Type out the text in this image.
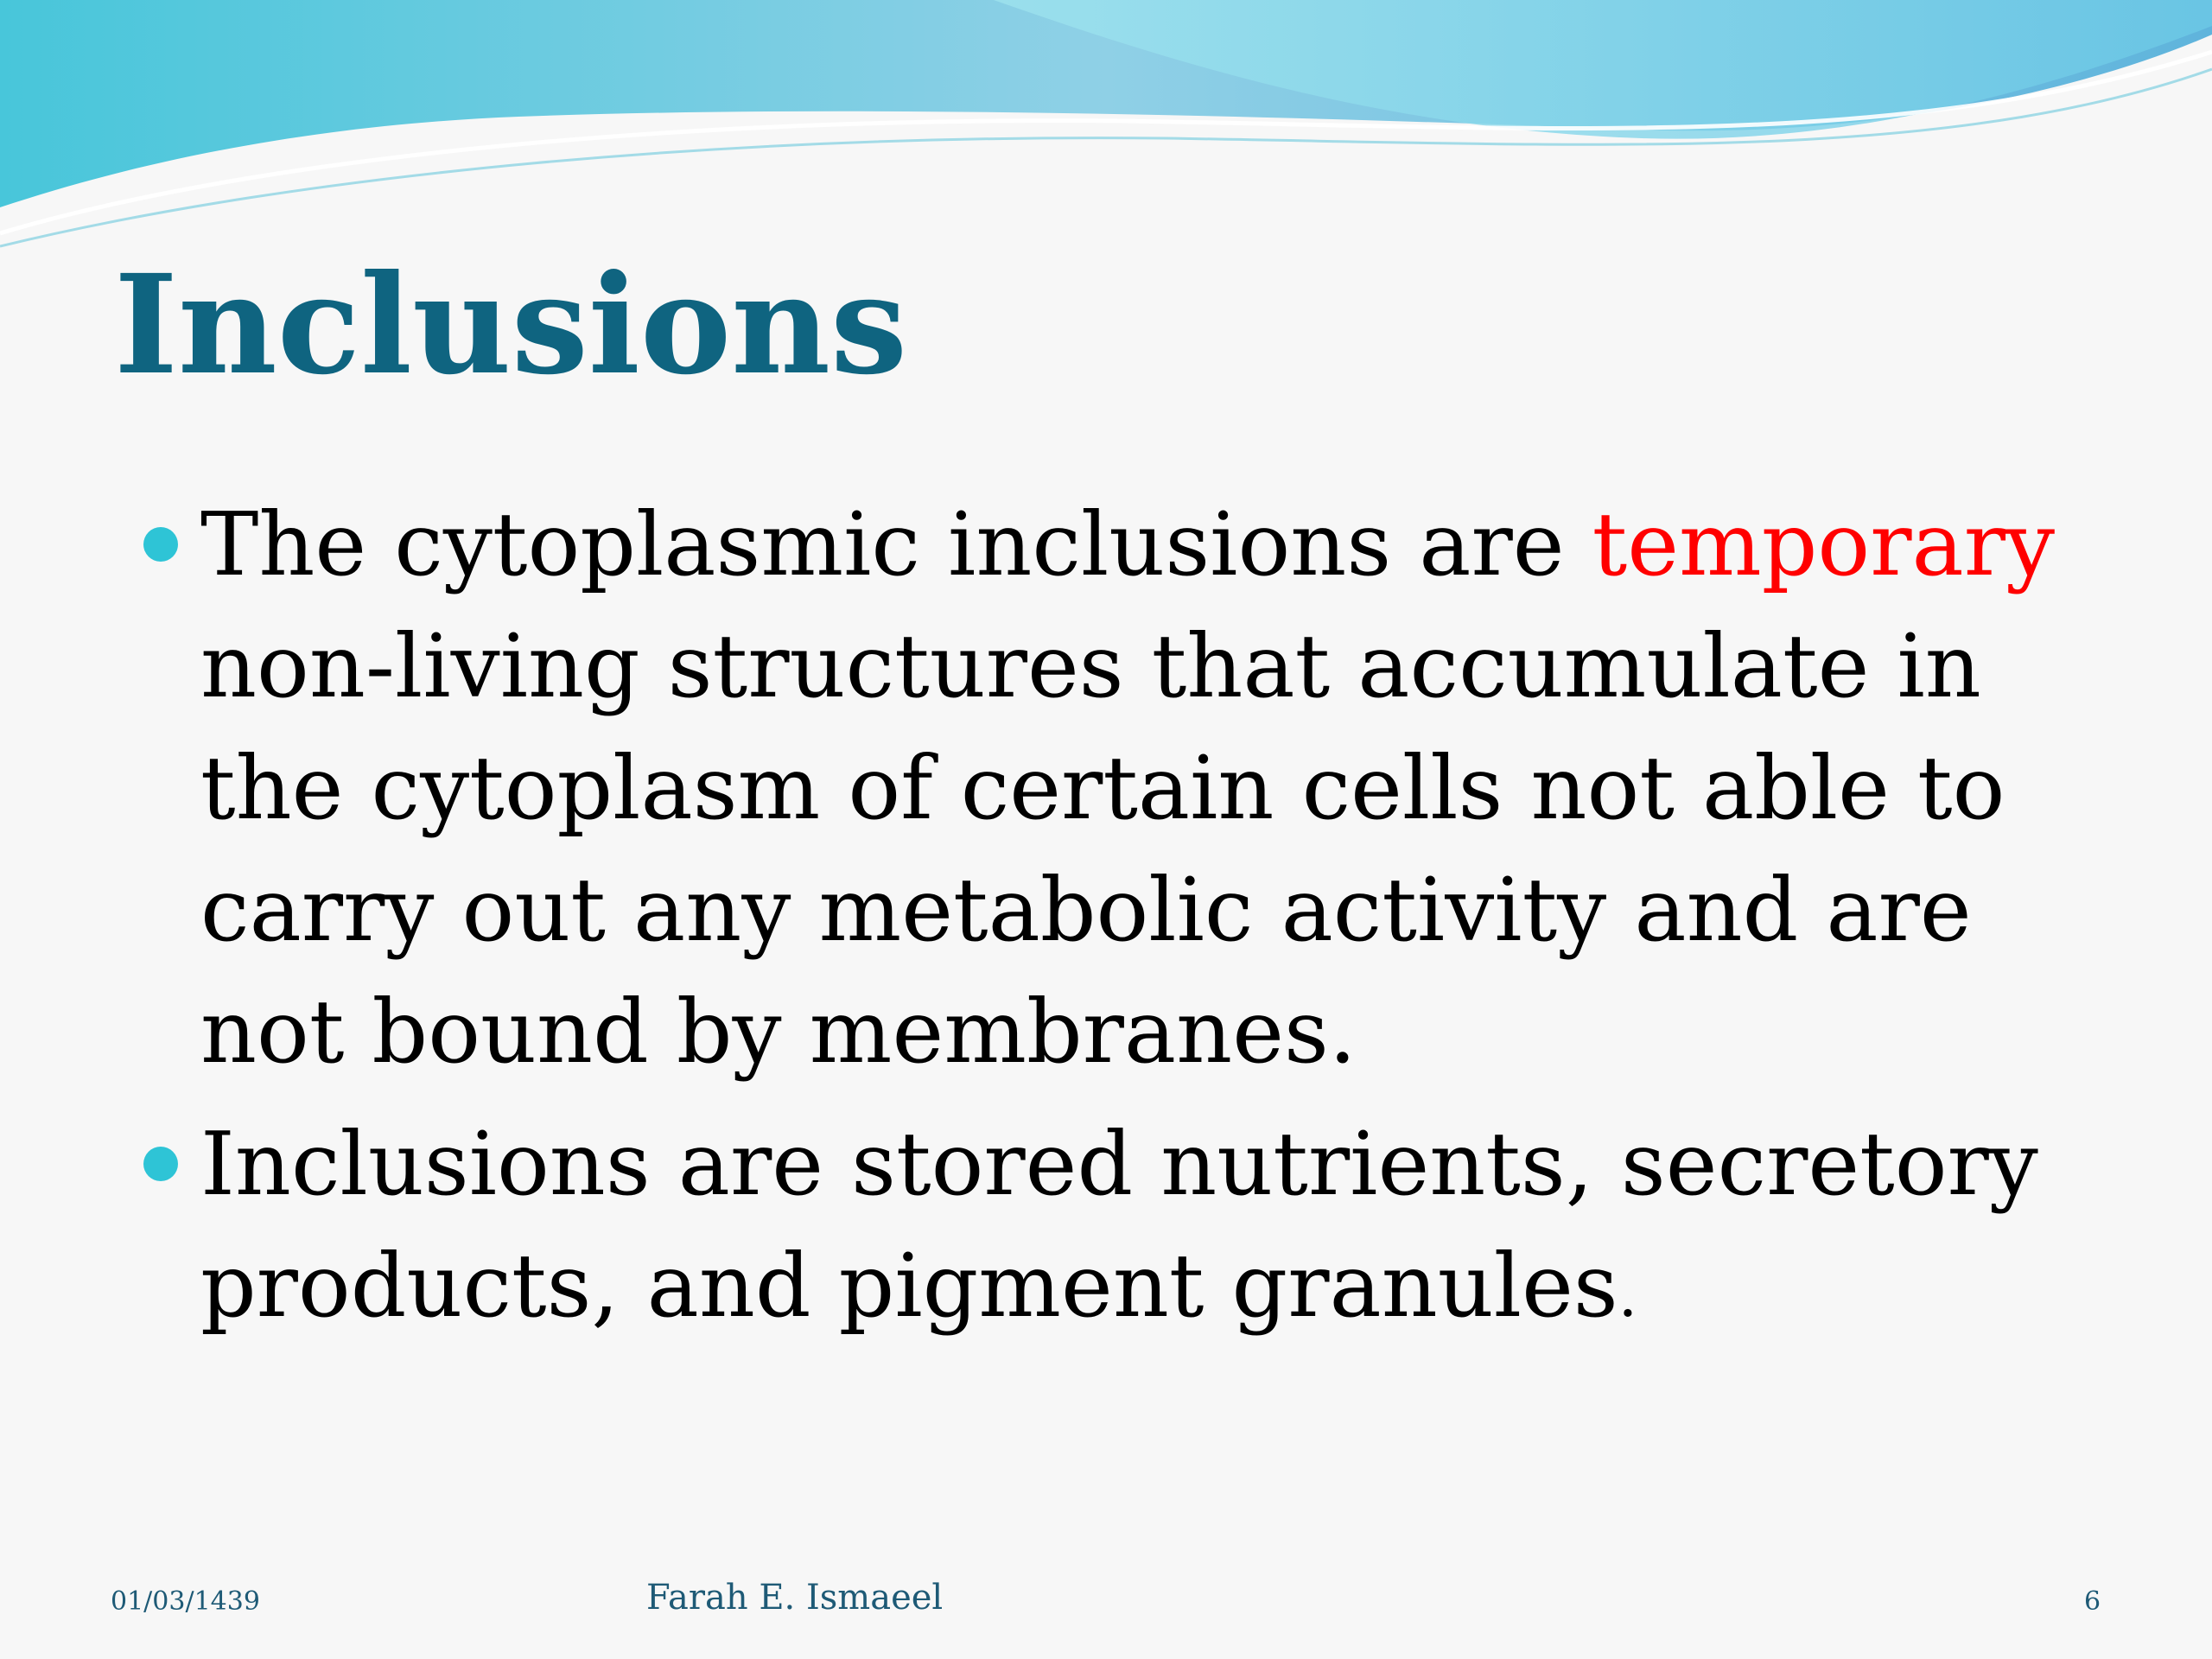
Inclusions
The cytoplasmic inclusions are temporary non-living structures that accumulate in the cytoplasm of certain cells not able to carry out any metabolic activity and are not bound by membranes.
Inclusions are stored nutrients, secretory products, and pigment granules.
01/03/1439	Farah E. Ismaeel	6
